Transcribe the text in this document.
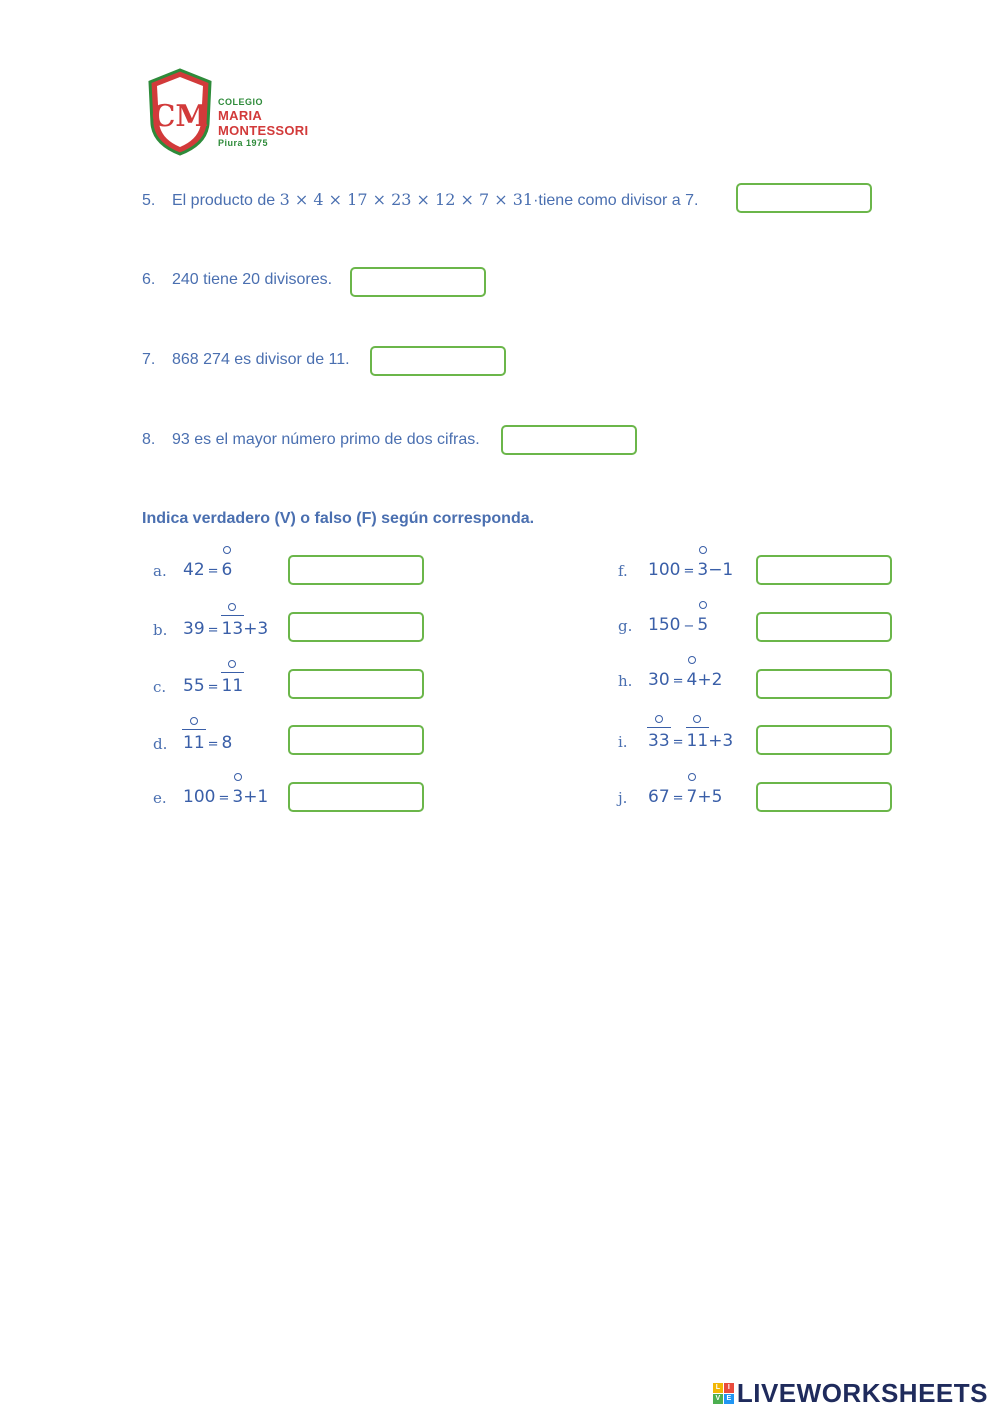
CM COLEGIO
MARIA
MONTESSORI
Piura 1975
5. El producto de 3 × 4 × 17 × 23 × 12 × 7 × 31·tiene como divisor a 7.
6. 240 tiene 20 divisores.
7. 868 274 es divisor de 11.
8. 93 es el mayor número primo de dos cifras.
Indica verdadero (V) o falso (F) según corresponda.
a. 42 = 6
b. 39 = 13+3
c. 55 = 11
d. 11 = 8
e. 100 = 3+1
f. 100 = 3−1
g. 150 − 5
h. 30 = 4+2
i. 33 = 11+3
j. 67 = 7+5
L	I
V E LIVEWORKSHEETS
